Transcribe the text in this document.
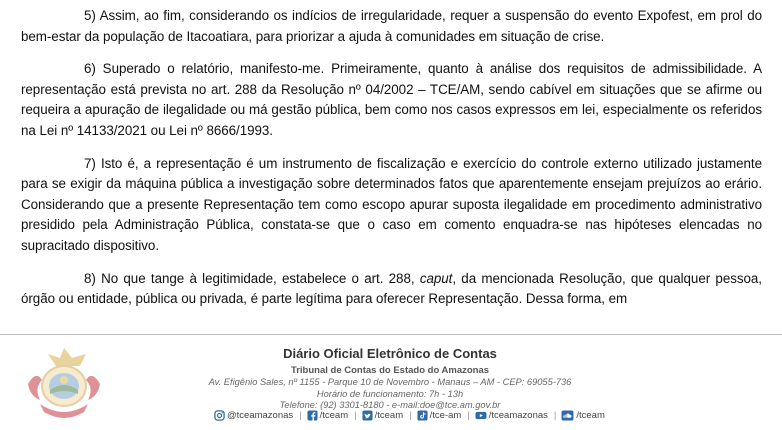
5) Assim, ao fim, considerando os indícios de irregularidade, requer a suspensão do evento Expofest, em prol do bem-estar da população de Itacoatiara, para priorizar a ajuda à comunidades em situação de crise.

6) Superado o relatório, manifesto-me. Primeiramente, quanto à análise dos requisitos de admissibilidade. A representação está prevista no art. 288 da Resolução nº 04/2002 – TCE/AM, sendo cabível em situações que se afirme ou requeira a apuração de ilegalidade ou má gestão pública, bem como nos casos expressos em lei, especialmente os referidos na Lei nº 14133/2021 ou Lei nº 8666/1993.

7) Isto é, a representação é um instrumento de fiscalização e exercício do controle externo utilizado justamente para se exigir da máquina pública a investigação sobre determinados fatos que aparentemente ensejam prejuízos ao erário. Considerando que a presente Representação tem como escopo apurar suposta ilegalidade em procedimento administrativo presidido pela Administração Pública, constata-se que o caso em comento enquadra-se nas hipóteses elencadas no supracitado dispositivo.

8) No que tange à legitimidade, estabelece o art. 288, caput, da mencionada Resolução, que qualquer pessoa, órgão ou entidade, pública ou privada, é parte legítima para oferecer Representação. Dessa forma, em

Diário Oficial Eletrônico de Contas
Tribunal de Contas do Estado do Amazonas
Av. Efigênio Sales, nº 1155 - Parque 10 de Novembro - Manaus – AM - CEP: 69055-736
Horário de funcionamento: 7h - 13h
Telefone: (92) 3301-8180 - e-mail:doe@tce.am.gov.br
@tceamazonas | /tceam | /tceam | /tce-am | /tceamazonas | /tceam
